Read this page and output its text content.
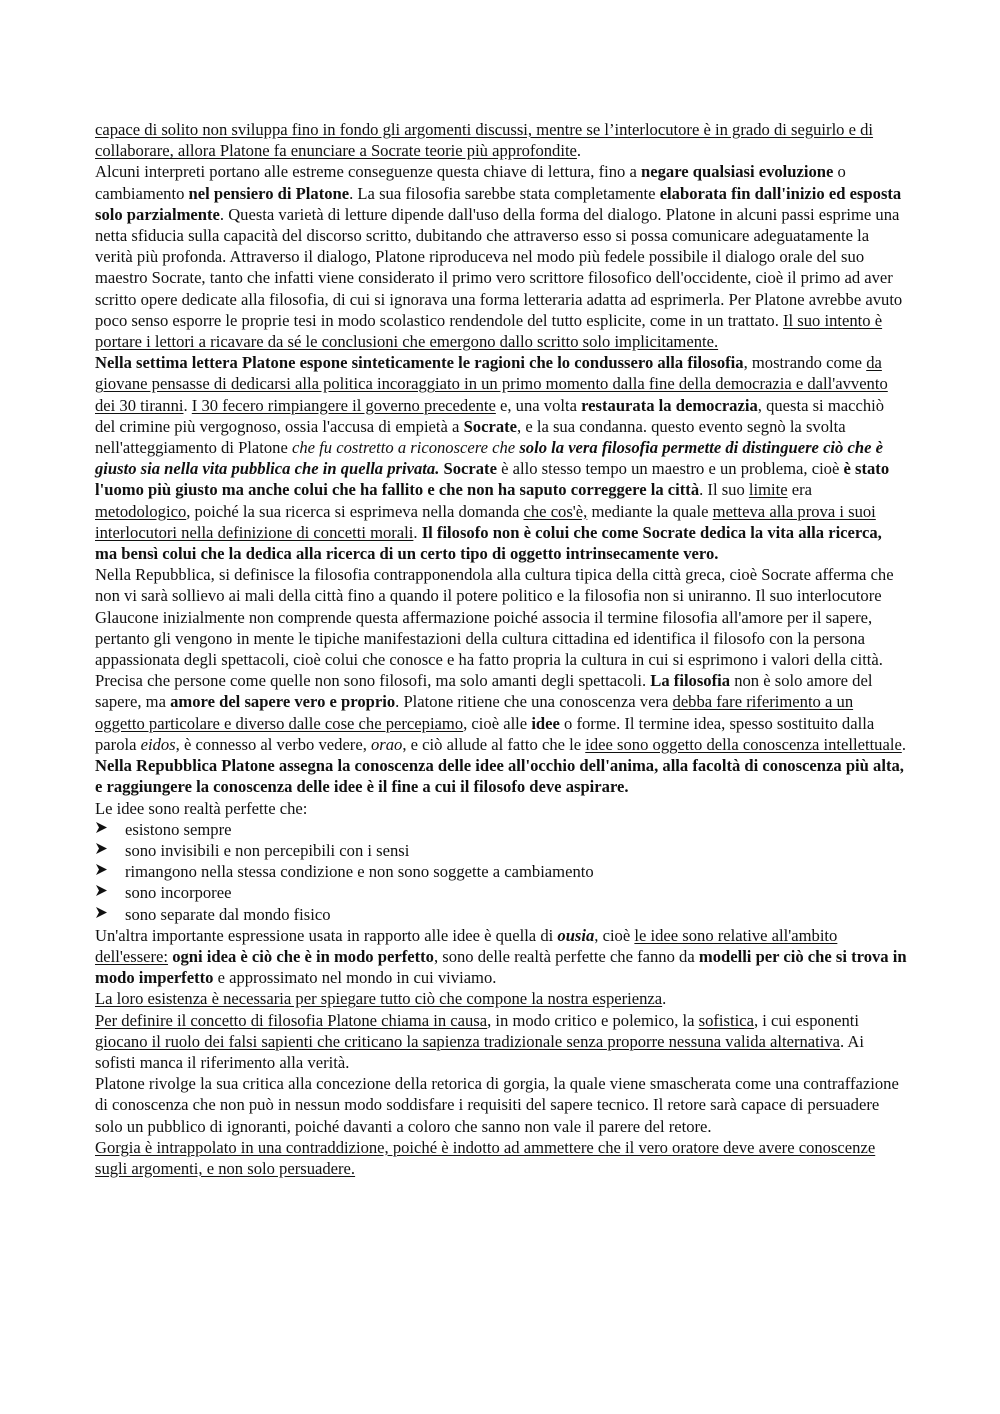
capace di solito non sviluppa fino in fondo gli argomenti discussi, mentre se l’interlocutore è in grado di seguirlo e di collaborare, allora Platone fa enunciare a Socrate teorie più approfondite.

Alcuni interpreti portano alle estreme conseguenze questa chiave di lettura, fino a negare qualsiasi evoluzione o cambiamento nel pensiero di Platone. La sua filosofia sarebbe stata completamente elaborata fin dall'inizio ed esposta solo parzialmente. Questa varietà di letture dipende dall'uso della forma del dialogo. Platone in alcuni passi esprime una netta sfiducia sulla capacità del discorso scritto, dubitando che attraverso esso si possa comunicare adeguatamente la verità più profonda. Attraverso il dialogo, Platone riproduceva nel modo più fedele possibile il dialogo orale del suo maestro Socrate, tanto che infatti viene considerato il primo vero scrittore filosofico dell'occidente, cioè il primo ad aver scritto opere dedicate alla filosofia, di cui si ignorava una forma letteraria adatta ad esprimerla. Per Platone avrebbe avuto poco senso esporre le proprie tesi in modo scolastico rendendole del tutto esplicite, come in un trattato. Il suo intento è portare i lettori a ricavare da sé le conclusioni che emergono dallo scritto solo implicitamente.

Nella settima lettera Platone espone sinteticamente le ragioni che lo condussero alla filosofia, mostrando come da giovane pensasse di dedicarsi alla politica incoraggiato in un primo momento dalla fine della democrazia e dall'avvento dei 30 tiranni. I 30 fecero rimpiangere il governo precedente e, una volta restaurata la democrazia, questa si macchiò del crimine più vergognoso, ossia l'accusa di empietà a Socrate, e la sua condanna. questo evento segnò la svolta nell'atteggiamento di Platone che fu costretto a riconoscere che solo la vera filosofia permette di distinguere ciò che è giusto sia nella vita pubblica che in quella privata. Socrate è allo stesso tempo un maestro e un problema, cioè è stato l'uomo più giusto ma anche colui che ha fallito e che non ha saputo correggere la città. Il suo limite era metodologico, poiché la sua ricerca si esprimeva nella domanda che cos'è, mediante la quale metteva alla prova i suoi interlocutori nella definizione di concetti morali. Il filosofo non è colui che come Socrate dedica la vita alla ricerca, ma bensì colui che la dedica alla ricerca di un certo tipo di oggetto intrinsecamente vero.

Nella Repubblica, si definisce la filosofia contrapponendola alla cultura tipica della città greca, cioè Socrate afferma che non vi sarà sollievo ai mali della città fino a quando il potere politico e la filosofia non si uniranno. Il suo interlocutore Glaucone inizialmente non comprende questa affermazione poiché associa il termine filosofia all'amore per il sapere, pertanto gli vengono in mente le tipiche manifestazioni della cultura cittadina ed identifica il filosofo con la persona appassionata degli spettacoli, cioè colui che conosce e ha fatto propria la cultura in cui si esprimono i valori della città.

Precisa che persone come quelle non sono filosofi, ma solo amanti degli spettacoli. La filosofia non è solo amore del sapere, ma amore del sapere vero e proprio. Platone ritiene che una conoscenza vera debba fare riferimento a un oggetto particolare e diverso dalle cose che percepiamo, cioè alle idee o forme. Il termine idea, spesso sostituito dalla parola eidos, è connesso al verbo vedere, orao, e ciò allude al fatto che le idee sono oggetto della conoscenza intellettuale. Nella Repubblica Platone assegna la conoscenza delle idee all'occhio dell'anima, alla facoltà di conoscenza più alta, e raggiungere la conoscenza delle idee è il fine a cui il filosofo deve aspirare.

Le idee sono realtà perfette che:

esistono sempre
sono invisibili e non percepibili con i sensi
rimangono nella stessa condizione e non sono soggette a cambiamento
sono incorporee
sono separate dal mondo fisico

Un'altra importante espressione usata in rapporto alle idee è quella di ousia, cioè le idee sono relative all'ambito dell'essere: ogni idea è ciò che è in modo perfetto, sono delle realtà perfette che fanno da modelli per ciò che si trova in modo imperfetto e approssimato nel mondo in cui viviamo.

La loro esistenza è necessaria per spiegare tutto ciò che compone la nostra esperienza.

Per definire il concetto di filosofia Platone chiama in causa, in modo critico e polemico, la sofistica, i cui esponenti giocano il ruolo dei falsi sapienti che criticano la sapienza tradizionale senza proporre nessuna valida alternativa. Ai sofisti manca il riferimento alla verità.

Platone rivolge la sua critica alla concezione della retorica di gorgia, la quale viene smascherata come una contraffazione di conoscenza che non può in nessun modo soddisfare i requisiti del sapere tecnico. Il retore sarà capace di persuadere solo un pubblico di ignoranti, poiché davanti a coloro che sanno non vale il parere del retore.

Gorgia è intrappolato in una contraddizione, poiché è indotto ad ammettere che il vero oratore deve avere conoscenze sugli argomenti, e non solo persuadere.
